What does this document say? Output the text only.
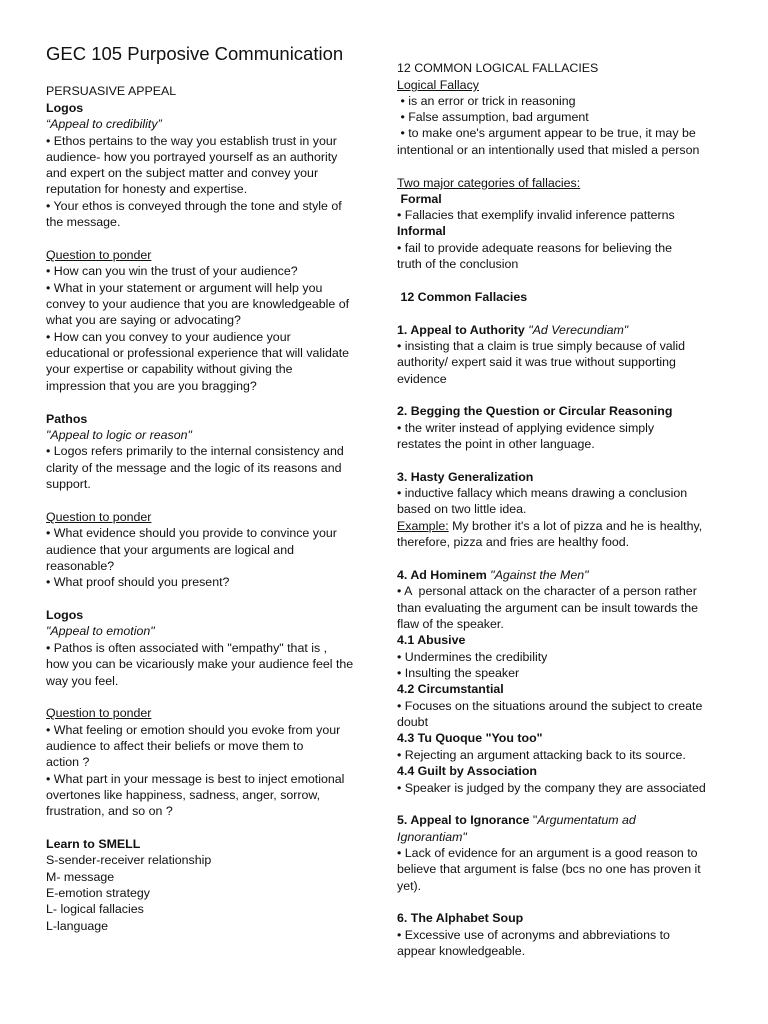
GEC 105 Purposive Communication
PERSUASIVE APPEAL
Logos
“Appeal to credibility”
• Ethos pertains to the way you establish trust in your
audience- how you portrayed yourself as an authority
and expert on the subject matter and convey your
reputation for honesty and expertise.
• Your ethos is conveyed through the tone and style of
the message.
Question to ponder
• How can you win the trust of your audience?
• What in your statement or argument will help you
convey to your audience that you are knowledgeable of
what you are saying or advocating?
• How can you convey to your audience your
educational or professional experience that will validate
your expertise or capability without giving the
impression that you are you bragging?
Pathos
"Appeal to logic or reason"
• Logos refers primarily to the internal consistency and
clarity of the message and the logic of its reasons and
support.
Question to ponder
• What evidence should you provide to convince your
audience that your arguments are logical and
reasonable?
• What proof should you present?
Logos
"Appeal to emotion"
• Pathos is often associated with "empathy" that is ,
how you can be vicariously make your audience feel the
way you feel.
Question to ponder
• What feeling or emotion should you evoke from your
audience to affect their beliefs or move them to
action ?
• What part in your message is best to inject emotional
overtones like happiness, sadness, anger, sorrow,
frustration, and so on ?
Learn to SMELL
S-sender-receiver relationship
M- message
E-emotion strategy
L- logical fallacies
L-language
12 COMMON LOGICAL FALLACIES
Logical Fallacy
• is an error or trick in reasoning
• False assumption, bad argument
• to make one's argument appear to be true, it may be
intentional or an intentionally used that misled a person
Two major categories of fallacies:
Formal
• Fallacies that exemplify invalid inference patterns
Informal
• fail to provide adequate reasons for believing the
truth of the conclusion
12 Common Fallacies
1. Appeal to Authority "Ad Verecundiam"
• insisting that a claim is true simply because of valid
authority/ expert said it was true without supporting
evidence
2. Begging the Question or Circular Reasoning
• the writer instead of applying evidence simply
restates the point in other language.
3. Hasty Generalization
• inductive fallacy which means drawing a conclusion
based on two little idea.
Example: My brother it's a lot of pizza and he is healthy,
therefore, pizza and fries are healthy food.
4. Ad Hominem "Against the Men"
• A  personal attack on the character of a person rather
than evaluating the argument can be insult towards the
flaw of the speaker.
4.1 Abusive
• Undermines the credibility
• Insulting the speaker
4.2 Circumstantial
• Focuses on the situations around the subject to create
doubt
4.3 Tu Quoque "You too"
• Rejecting an argument attacking back to its source.
4.4 Guilt by Association
• Speaker is judged by the company they are associated
5. Appeal to Ignorance "Argumentatum ad
Ignorantiam"
• Lack of evidence for an argument is a good reason to
believe that argument is false (bcs no one has proven it
yet).
6. The Alphabet Soup
• Excessive use of acronyms and abbreviations to
appear knowledgeable.
